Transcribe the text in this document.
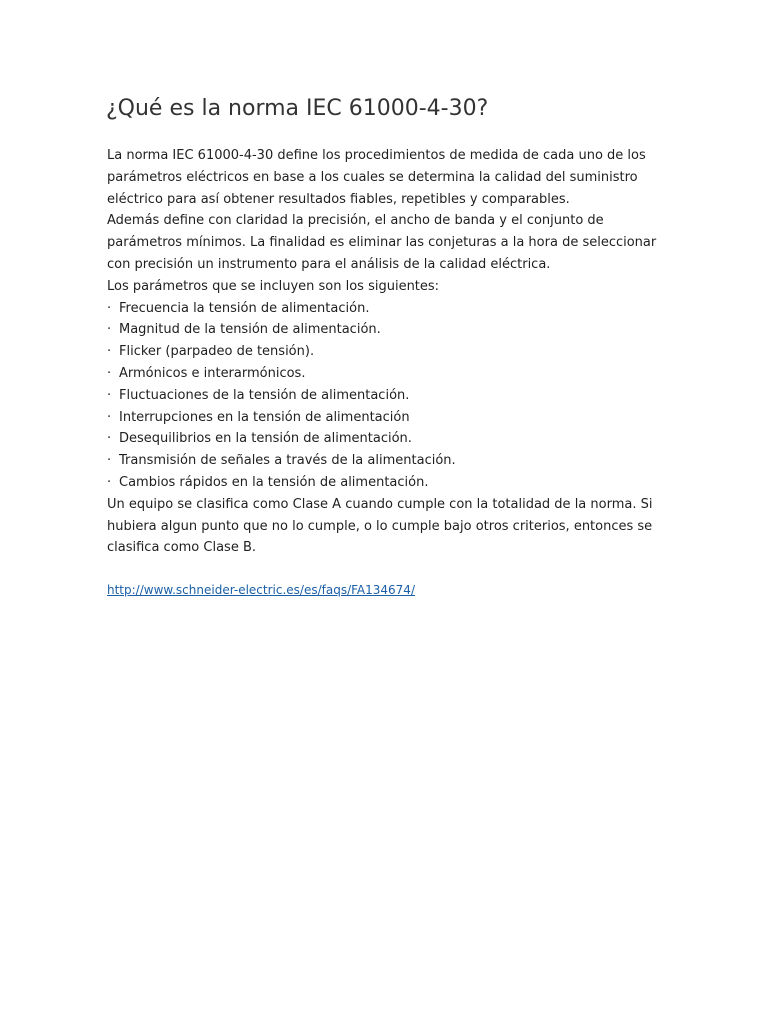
¿Qué es la norma IEC 61000-4-30?
La norma IEC 61000-4-30 define los procedimientos de medida de cada uno de los
parámetros eléctricos en base a los cuales se determina la calidad del suministro
eléctrico para así obtener resultados fiables, repetibles y comparables.
Además define con claridad la precisión, el ancho de banda y el conjunto de
parámetros mínimos. La finalidad es eliminar las conjeturas a la hora de seleccionar
con precisión un instrumento para el análisis de la calidad eléctrica.
Los parámetros que se incluyen son los siguientes:
· Frecuencia la tensión de alimentación.
· Magnitud de la tensión de alimentación.
· Flicker (parpadeo de tensión).
· Armónicos e interarmónicos.
· Fluctuaciones de la tensión de alimentación.
· Interrupciones en la tensión de alimentación
· Desequilibrios en la tensión de alimentación.
· Transmisión de señales a través de la alimentación.
· Cambios rápidos en la tensión de alimentación.
Un equipo se clasifica como Clase A cuando cumple con la totalidad de la norma. Si
hubiera algun punto que no lo cumple, o lo cumple bajo otros criterios, entonces se
clasifica como Clase B.
http://www.schneider-electric.es/es/faqs/FA134674/
